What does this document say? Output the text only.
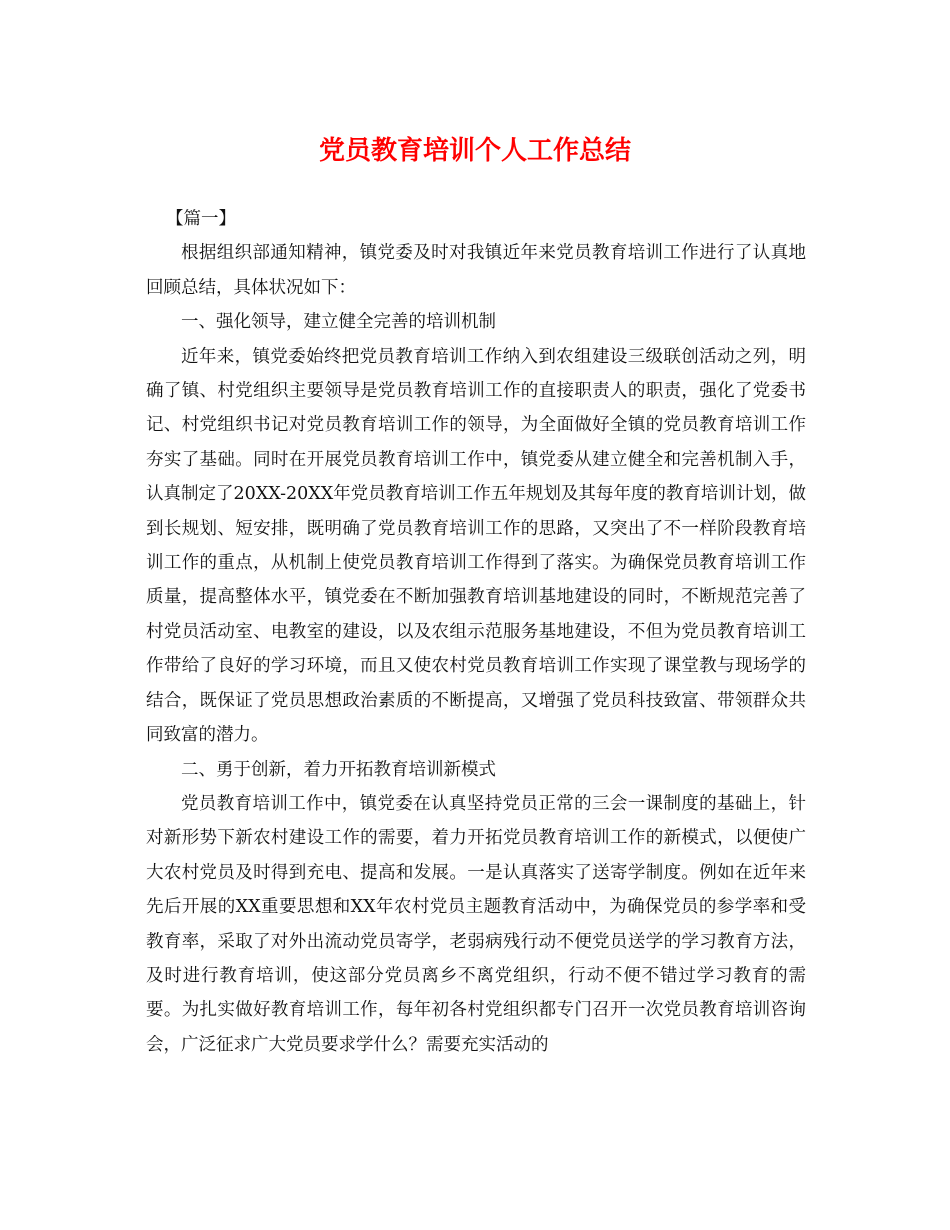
党员教育培训个人工作总结

【篇一】

根据组织部通知精神，镇党委及时对我镇近年来党员教育培训工作进行了认真地回顾总结，具体状况如下：

一、强化领导，建立健全完善的培训机制

近年来，镇党委始终把党员教育培训工作纳入到农组建设三级联创活动之列，明确了镇、村党组织主要领导是党员教育培训工作的直接职责人的职责，强化了党委书记、村党组织书记对党员教育培训工作的领导，为全面做好全镇的党员教育培训工作夯实了基础。同时在开展党员教育培训工作中，镇党委从建立健全和完善机制入手，认真制定了20XX-20XX年党员教育培训工作五年规划及其每年度的教育培训计划，做到长规划、短安排，既明确了党员教育培训工作的思路，又突出了不一样阶段教育培训工作的重点，从机制上使党员教育培训工作得到了落实。为确保党员教育培训工作质量，提高整体水平，镇党委在不断加强教育培训基地建设的同时，不断规范完善了村党员活动室、电教室的建设，以及农组示范服务基地建设，不但为党员教育培训工作带给了良好的学习环境，而且又使农村党员教育培训工作实现了课堂教与现场学的结合，既保证了党员思想政治素质的不断提高，又增强了党员科技致富、带领群众共同致富的潜力。

二、勇于创新，着力开拓教育培训新模式

党员教育培训工作中，镇党委在认真坚持党员正常的三会一课制度的基础上，针对新形势下新农村建设工作的需要，着力开拓党员教育培训工作的新模式，以便使广大农村党员及时得到充电、提高和发展。一是认真落实了送寄学制度。例如在近年来先后开展的XX重要思想和XX年农村党员主题教育活动中，为确保党员的参学率和受教育率，采取了对外出流动党员寄学，老弱病残行动不便党员送学的学习教育方法，及时进行教育培训，使这部分党员离乡不离党组织，行动不便不错过学习教育的需要。为扎实做好教育培训工作，每年初各村党组织都专门召开一次党员教育培训咨询会，广泛征求广大党员要求学什么？需要充实活动的
